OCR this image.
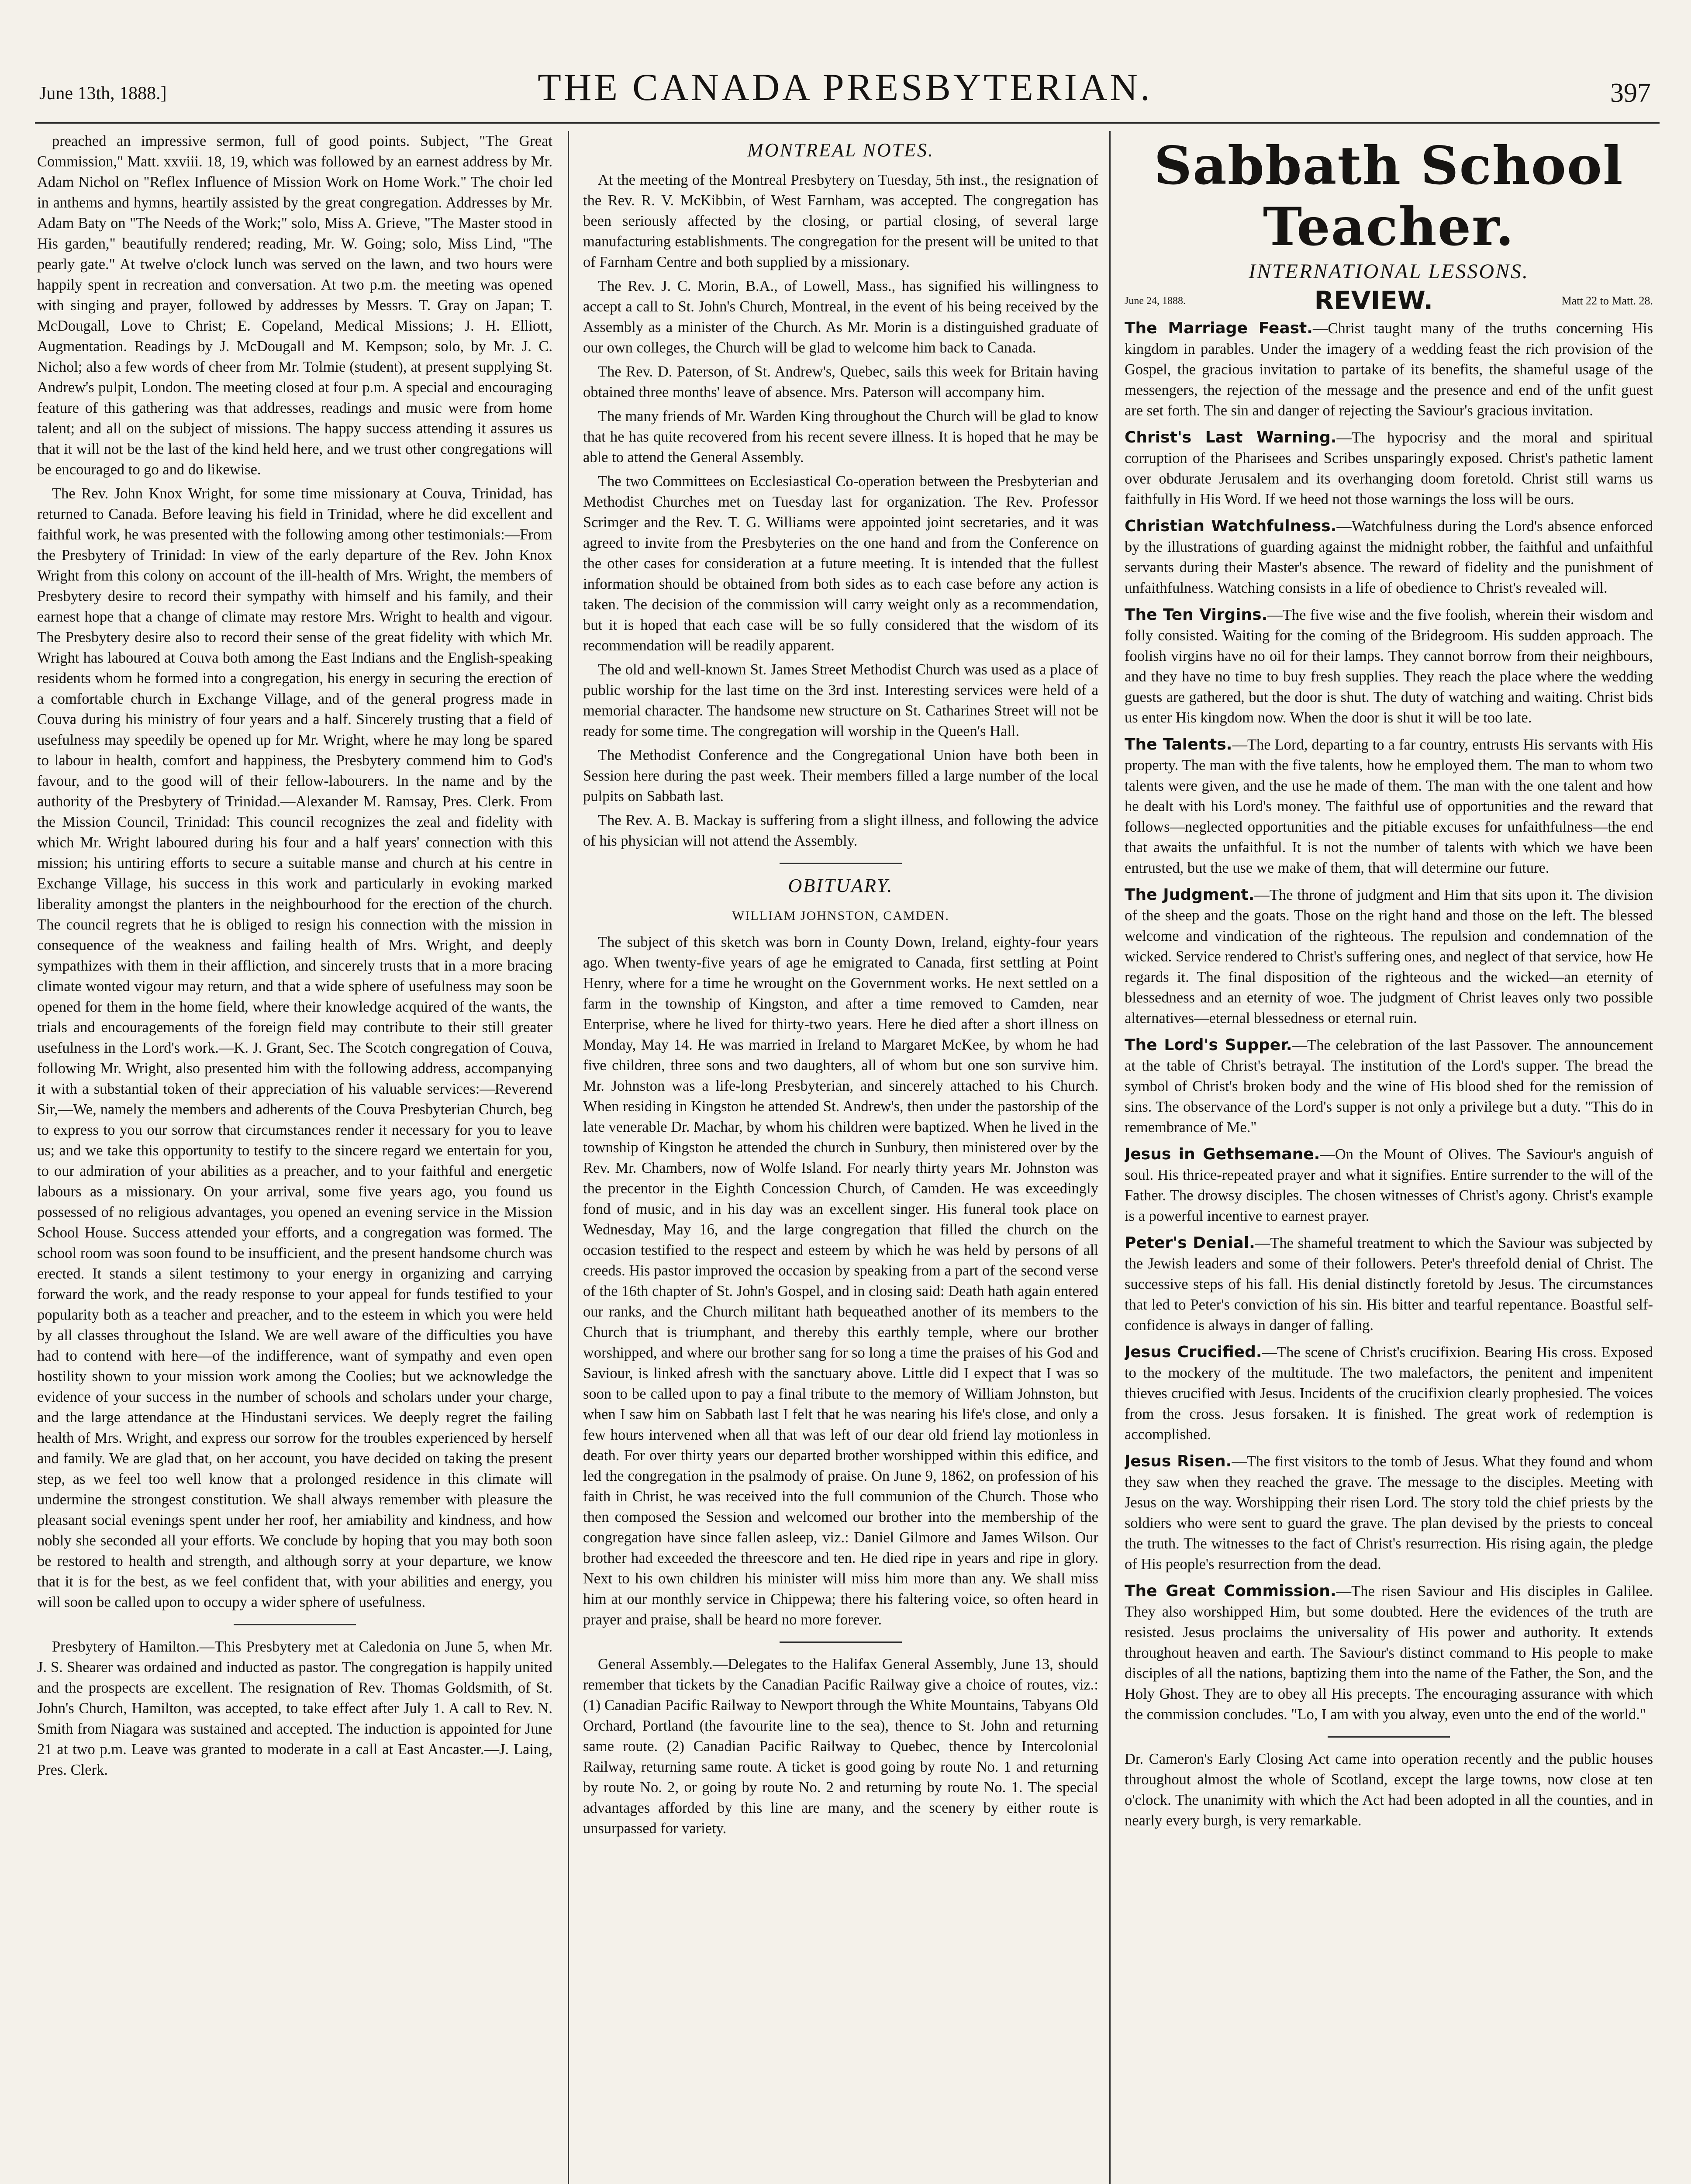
June 13th, 1888.]	THE CANADA PRESBYTERIAN.	397

preached an impressive sermon, full of good points. Subject, "The Great Commission," Matt. xxviii. 18, 19, which was followed by an earnest address by Mr. Adam Nichol on "Reflex Influence of Mission Work on Home Work." The choir led in anthems and hymns, heartily assisted by the great congregation. Addresses by Mr. Adam Baty on "The Needs of the Work;" solo, Miss A. Grieve, "The Master stood in His garden," beautifully rendered; reading, Mr. W. Going; solo, Miss Lind, "The pearly gate." At twelve o'clock lunch was served on the lawn, and two hours were happily spent in recreation and conversation. At two p.m. the meeting was opened with singing and prayer, followed by addresses by Messrs. T. Gray on Japan; T. McDougall, Love to Christ; E. Copeland, Medical Missions; J. H. Elliott, Augmentation. Readings by J. McDougall and M. Kempson; solo, by Mr. J. C. Nichol; also a few words of cheer from Mr. Tolmie (student), at present supplying St. Andrew's pulpit, London. The meeting closed at four p.m. A special and encouraging feature of this gathering was that addresses, readings and music were from home talent; and all on the subject of missions. The happy success attending it assures us that it will not be the last of the kind held here, and we trust other congregations will be encouraged to go and do likewise.

The Rev. John Knox Wright, for some time missionary at Couva, Trinidad, has returned to Canada. Before leaving his field in Trinidad, where he did excellent and faithful work, he was presented with the following among other testimonials:—From the Presbytery of Trinidad: In view of the early departure of the Rev. John Knox Wright from this colony on account of the ill-health of Mrs. Wright, the members of Presbytery desire to record their sympathy with himself and his family, and their earnest hope that a change of climate may restore Mrs. Wright to health and vigour. The Presbytery desire also to record their sense of the great fidelity with which Mr. Wright has laboured at Couva both among the East Indians and the English-speaking residents whom he formed into a congregation, his energy in securing the erection of a comfortable church in Exchange Village, and of the general progress made in Couva during his ministry of four years and a half. Sincerely trusting that a field of usefulness may speedily be opened up for Mr. Wright, where he may long be spared to labour in health, comfort and happiness, the Presbytery commend him to God's favour, and to the good will of their fellow-labourers. In the name and by the authority of the Presbytery of Trinidad.—Alexander M. Ramsay, Pres. Clerk. From the Mission Council, Trinidad: This council recognizes the zeal and fidelity with which Mr. Wright laboured during his four and a half years' connection with this mission; his untiring efforts to secure a suitable manse and church at his centre in Exchange Village, his success in this work and particularly in evoking marked liberality amongst the planters in the neighbourhood for the erection of the church. The council regrets that he is obliged to resign his connection with the mission in consequence of the weakness and failing health of Mrs. Wright, and deeply sympathizes with them in their affliction, and sincerely trusts that in a more bracing climate wonted vigour may return, and that a wide sphere of usefulness may soon be opened for them in the home field, where their knowledge acquired of the wants, the trials and encouragements of the foreign field may contribute to their still greater usefulness in the Lord's work.—K. J. Grant, Sec. The Scotch congregation of Couva, following Mr. Wright, also presented him with the following address, accompanying it with a substantial token of their appreciation of his valuable services:—Reverend Sir,—We, namely the members and adherents of the Couva Presbyterian Church, beg to express to you our sorrow that circumstances render it necessary for you to leave us; and we take this opportunity to testify to the sincere regard we entertain for you, to our admiration of your abilities as a preacher, and to your faithful and energetic labours as a missionary. On your arrival, some five years ago, you found us possessed of no religious advantages, you opened an evening service in the Mission School House. Success attended your efforts, and a congregation was formed. The school room was soon found to be insufficient, and the present handsome church was erected. It stands a silent testimony to your energy in organizing and carrying forward the work, and the ready response to your appeal for funds testified to your popularity both as a teacher and preacher, and to the esteem in which you were held by all classes throughout the Island. We are well aware of the difficulties you have had to contend with here—of the indifference, want of sympathy and even open hostility shown to your mission work among the Coolies; but we acknowledge the evidence of your success in the number of schools and scholars under your charge, and the large attendance at the Hindustani services. We deeply regret the failing health of Mrs. Wright, and express our sorrow for the troubles experienced by herself and family. We are glad that, on her account, you have decided on taking the present step, as we feel too well know that a prolonged residence in this climate will undermine the strongest constitution. We shall always remember with pleasure the pleasant social evenings spent under her roof, her amiability and kindness, and how nobly she seconded all your efforts. We conclude by hoping that you may both soon be restored to health and strength, and although sorry at your departure, we know that it is for the best, as we feel confident that, with your abilities and energy, you will soon be called upon to occupy a wider sphere of usefulness.

Presbytery of Hamilton.—This Presbytery met at Caledonia on June 5, when Mr. J. S. Shearer was ordained and inducted as pastor. The congregation is happily united and the prospects are excellent. The resignation of Rev. Thomas Goldsmith, of St. John's Church, Hamilton, was accepted, to take effect after July 1. A call to Rev. N. Smith from Niagara was sustained and accepted. The induction is appointed for June 21 at two p.m. Leave was granted to moderate in a call at East Ancaster.—J. Laing, Pres. Clerk.

MONTREAL NOTES.

At the meeting of the Montreal Presbytery on Tuesday, 5th inst., the resignation of the Rev. R. V. McKibbin, of West Farnham, was accepted. The congregation has been seriously affected by the closing, or partial closing, of several large manufacturing establishments. The congregation for the present will be united to that of Farnham Centre and both supplied by a missionary.

The Rev. J. C. Morin, B.A., of Lowell, Mass., has signified his willingness to accept a call to St. John's Church, Montreal, in the event of his being received by the Assembly as a minister of the Church. As Mr. Morin is a distinguished graduate of our own colleges, the Church will be glad to welcome him back to Canada.

The Rev. D. Paterson, of St. Andrew's, Quebec, sails this week for Britain having obtained three months' leave of absence. Mrs. Paterson will accompany him.

The many friends of Mr. Warden King throughout the Church will be glad to know that he has quite recovered from his recent severe illness. It is hoped that he may be able to attend the General Assembly.

The two Committees on Ecclesiastical Co-operation between the Presbyterian and Methodist Churches met on Tuesday last for organization. The Rev. Professor Scrimger and the Rev. T. G. Williams were appointed joint secretaries, and it was agreed to invite from the Presbyteries on the one hand and from the Conference on the other cases for consideration at a future meeting. It is intended that the fullest information should be obtained from both sides as to each case before any action is taken. The decision of the commission will carry weight only as a recommendation, but it is hoped that each case will be so fully considered that the wisdom of its recommendation will be readily apparent.

The old and well-known St. James Street Methodist Church was used as a place of public worship for the last time on the 3rd inst. Interesting services were held of a memorial character. The handsome new structure on St. Catharines Street will not be ready for some time. The congregation will worship in the Queen's Hall.

The Methodist Conference and the Congregational Union have both been in Session here during the past week. Their members filled a large number of the local pulpits on Sabbath last.

The Rev. A. B. Mackay is suffering from a slight illness, and following the advice of his physician will not attend the Assembly.

OBITUARY.
WILLIAM JOHNSTON, CAMDEN.

The subject of this sketch was born in County Down, Ireland, eighty-four years ago. When twenty-five years of age he emigrated to Canada, first settling at Point Henry, where for a time he wrought on the Government works. He next settled on a farm in the township of Kingston, and after a time removed to Camden, near Enterprise, where he lived for thirty-two years. Here he died after a short illness on Monday, May 14. He was married in Ireland to Margaret McKee, by whom he had five children, three sons and two daughters, all of whom but one son survive him. Mr. Johnston was a life-long Presbyterian, and sincerely attached to his Church. When residing in Kingston he attended St. Andrew's, then under the pastorship of the late venerable Dr. Machar, by whom his children were baptized. When he lived in the township of Kingston he attended the church in Sunbury, then ministered over by the Rev. Mr. Chambers, now of Wolfe Island. For nearly thirty years Mr. Johnston was the precentor in the Eighth Concession Church, of Camden. He was exceedingly fond of music, and in his day was an excellent singer. His funeral took place on Wednesday, May 16, and the large congregation that filled the church on the occasion testified to the respect and esteem by which he was held by persons of all creeds. His pastor improved the occasion by speaking from a part of the second verse of the 16th chapter of St. John's Gospel, and in closing said: Death hath again entered our ranks, and the Church militant hath bequeathed another of its members to the Church that is triumphant, and thereby this earthly temple, where our brother worshipped, and where our brother sang for so long a time the praises of his God and Saviour, is linked afresh with the sanctuary above. Little did I expect that I was so soon to be called upon to pay a final tribute to the memory of William Johnston, but when I saw him on Sabbath last I felt that he was nearing his life's close, and only a few hours intervened when all that was left of our dear old friend lay motionless in death. For over thirty years our departed brother worshipped within this edifice, and led the congregation in the psalmody of praise. On June 9, 1862, on profession of his faith in Christ, he was received into the full communion of the Church. Those who then composed the Session and welcomed our brother into the membership of the congregation have since fallen asleep, viz.: Daniel Gilmore and James Wilson. Our brother had exceeded the threescore and ten. He died ripe in years and ripe in glory. Next to his own children his minister will miss him more than any. We shall miss him at our monthly service in Chippewa; there his faltering voice, so often heard in prayer and praise, shall be heard no more forever.

General Assembly.—Delegates to the Halifax General Assembly, June 13, should remember that tickets by the Canadian Pacific Railway give a choice of routes, viz.: (1) Canadian Pacific Railway to Newport through the White Mountains, Tabyans Old Orchard, Portland (the favourite line to the sea), thence to St. John and returning same route. (2) Canadian Pacific Railway to Quebec, thence by Intercolonial Railway, returning same route. A ticket is good going by route No. 1 and returning by route No. 2, or going by route No. 2 and returning by route No. 1. The special advantages afforded by this line are many, and the scenery by either route is unsurpassed for variety.

Sabbath School Teacher.
INTERNATIONAL LESSONS.
June 24, 1888.	REVIEW.	Matt 22 to Matt. 28.

The Marriage Feast.—Christ taught many of the truths concerning His kingdom in parables. Under the imagery of a wedding feast the rich provision of the Gospel, the gracious invitation to partake of its benefits, the shameful usage of the messengers, the rejection of the message and the presence and end of the unfit guest are set forth. The sin and danger of rejecting the Saviour's gracious invitation.

Christ's Last Warning.—The hypocrisy and the moral and spiritual corruption of the Pharisees and Scribes unsparingly exposed. Christ's pathetic lament over obdurate Jerusalem and its overhanging doom foretold. Christ still warns us faithfully in His Word. If we heed not those warnings the loss will be ours.

Christian Watchfulness.—Watchfulness during the Lord's absence enforced by the illustrations of guarding against the midnight robber, the faithful and unfaithful servants during their Master's absence. The reward of fidelity and the punishment of unfaithfulness. Watching consists in a life of obedience to Christ's revealed will.

The Ten Virgins.—The five wise and the five foolish, wherein their wisdom and folly consisted. Waiting for the coming of the Bridegroom. His sudden approach. The foolish virgins have no oil for their lamps. They cannot borrow from their neighbours, and they have no time to buy fresh supplies. They reach the place where the wedding guests are gathered, but the door is shut. The duty of watching and waiting. Christ bids us enter His kingdom now. When the door is shut it will be too late.

The Talents.—The Lord, departing to a far country, entrusts His servants with His property. The man with the five talents, how he employed them. The man to whom two talents were given, and the use he made of them. The man with the one talent and how he dealt with his Lord's money. The faithful use of opportunities and the reward that follows—neglected opportunities and the pitiable excuses for unfaithfulness—the end that awaits the unfaithful. It is not the number of talents with which we have been entrusted, but the use we make of them, that will determine our future.

The Judgment.—The throne of judgment and Him that sits upon it. The division of the sheep and the goats. Those on the right hand and those on the left. The blessed welcome and vindication of the righteous. The repulsion and condemnation of the wicked. Service rendered to Christ's suffering ones, and neglect of that service, how He regards it. The final disposition of the righteous and the wicked—an eternity of blessedness and an eternity of woe. The judgment of Christ leaves only two possible alternatives—eternal blessedness or eternal ruin.

The Lord's Supper.—The celebration of the last Passover. The announcement at the table of Christ's betrayal. The institution of the Lord's supper. The bread the symbol of Christ's broken body and the wine of His blood shed for the remission of sins. The observance of the Lord's supper is not only a privilege but a duty. "This do in remembrance of Me."

Jesus in Gethsemane.—On the Mount of Olives. The Saviour's anguish of soul. His thrice-repeated prayer and what it signifies. Entire surrender to the will of the Father. The drowsy disciples. The chosen witnesses of Christ's agony. Christ's example is a powerful incentive to earnest prayer.

Peter's Denial.—The shameful treatment to which the Saviour was subjected by the Jewish leaders and some of their followers. Peter's threefold denial of Christ. The successive steps of his fall. His denial distinctly foretold by Jesus. The circumstances that led to Peter's conviction of his sin. His bitter and tearful repentance. Boastful self-confidence is always in danger of falling.

Jesus Crucified.—The scene of Christ's crucifixion. Bearing His cross. Exposed to the mockery of the multitude. The two malefactors, the penitent and impenitent thieves crucified with Jesus. Incidents of the crucifixion clearly prophesied. The voices from the cross. Jesus forsaken. It is finished. The great work of redemption is accomplished.

Jesus Risen.—The first visitors to the tomb of Jesus. What they found and whom they saw when they reached the grave. The message to the disciples. Meeting with Jesus on the way. Worshipping their risen Lord. The story told the chief priests by the soldiers who were sent to guard the grave. The plan devised by the priests to conceal the truth. The witnesses to the fact of Christ's resurrection. His rising again, the pledge of His people's resurrection from the dead.

The Great Commission.—The risen Saviour and His disciples in Galilee. They also worshipped Him, but some doubted. Here the evidences of the truth are resisted. Jesus proclaims the universality of His power and authority. It extends throughout heaven and earth. The Saviour's distinct command to His people to make disciples of all the nations, baptizing them into the name of the Father, the Son, and the Holy Ghost. They are to obey all His precepts. The encouraging assurance with which the commission concludes. "Lo, I am with you alway, even unto the end of the world."

Dr. Cameron's Early Closing Act came into operation recently and the public houses throughout almost the whole of Scotland, except the large towns, now close at ten o'clock. The unanimity with which the Act had been adopted in all the counties, and in nearly every burgh, is very remarkable.
